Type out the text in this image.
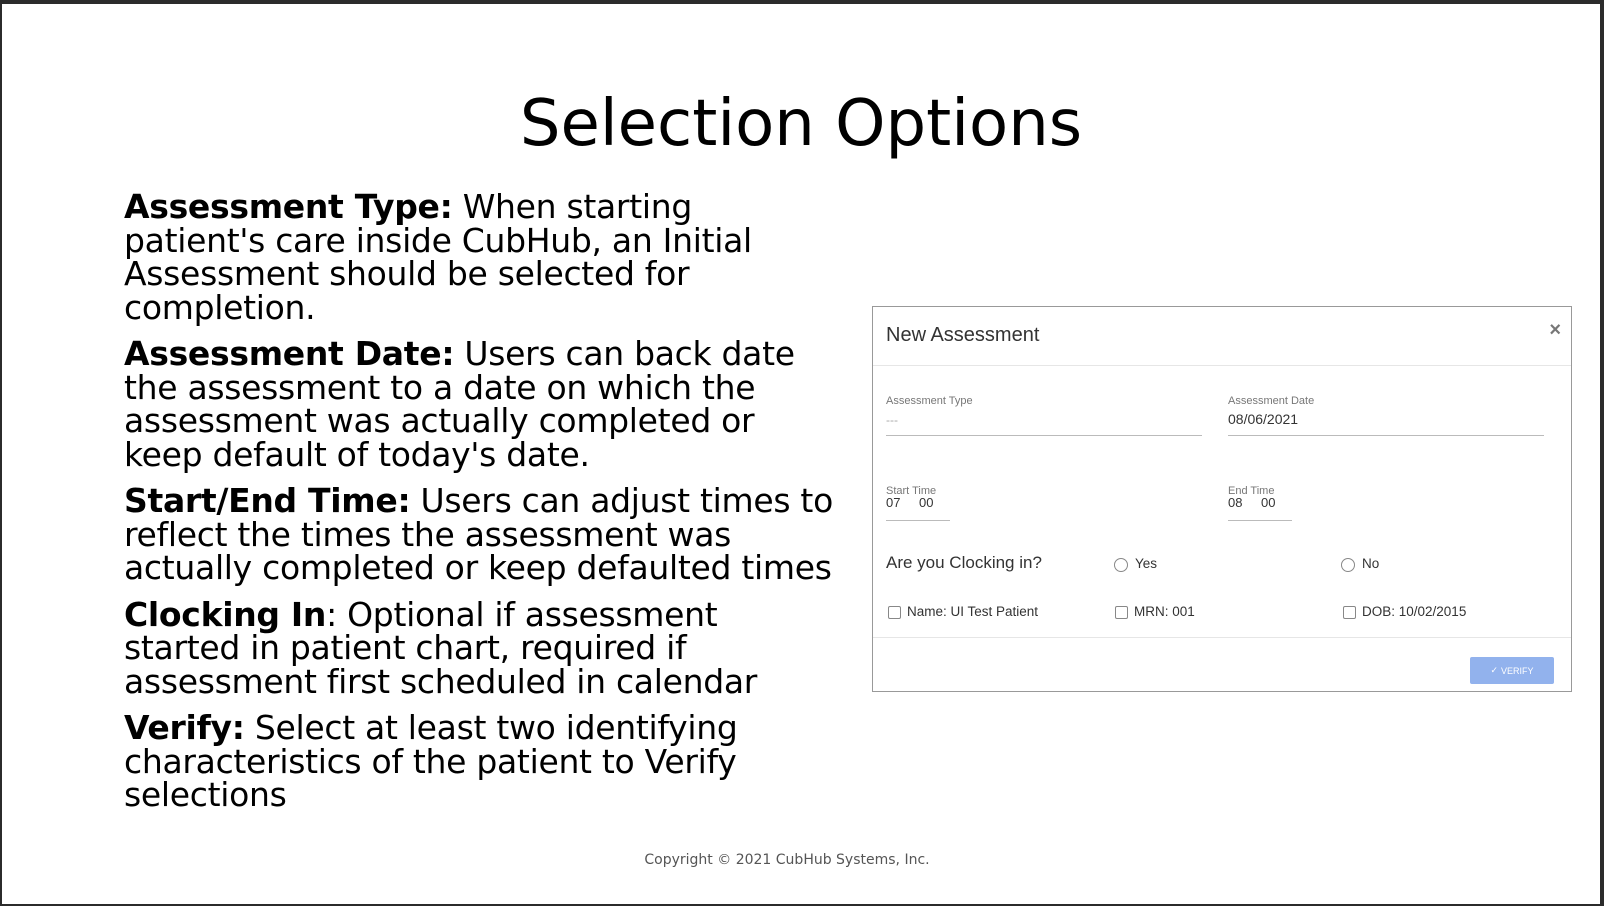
Selection Options
Assessment Type: When starting patient's care inside CubHub, an Initial Assessment should be selected for completion.
Assessment Date: Users can back date the assessment to a date on which the assessment was actually completed or keep default of today's date.
Start/End Time: Users can adjust times to reflect the times the assessment was actually completed or keep defaulted times
Clocking In: Optional if assessment started in patient chart, required if assessment first scheduled in calendar
Verify: Select at least two identifying characteristics of the patient to Verify selections
New Assessment	×
Assessment Type
---
Assessment Date
08/06/2021
Start Time
07 00
End Time
08 00
Are you Clocking in?	Yes	No
Name: UI Test Patient	MRN: 001	DOB: 10/02/2015
✓ VERIFY
Copyright © 2021 CubHub Systems, Inc.
